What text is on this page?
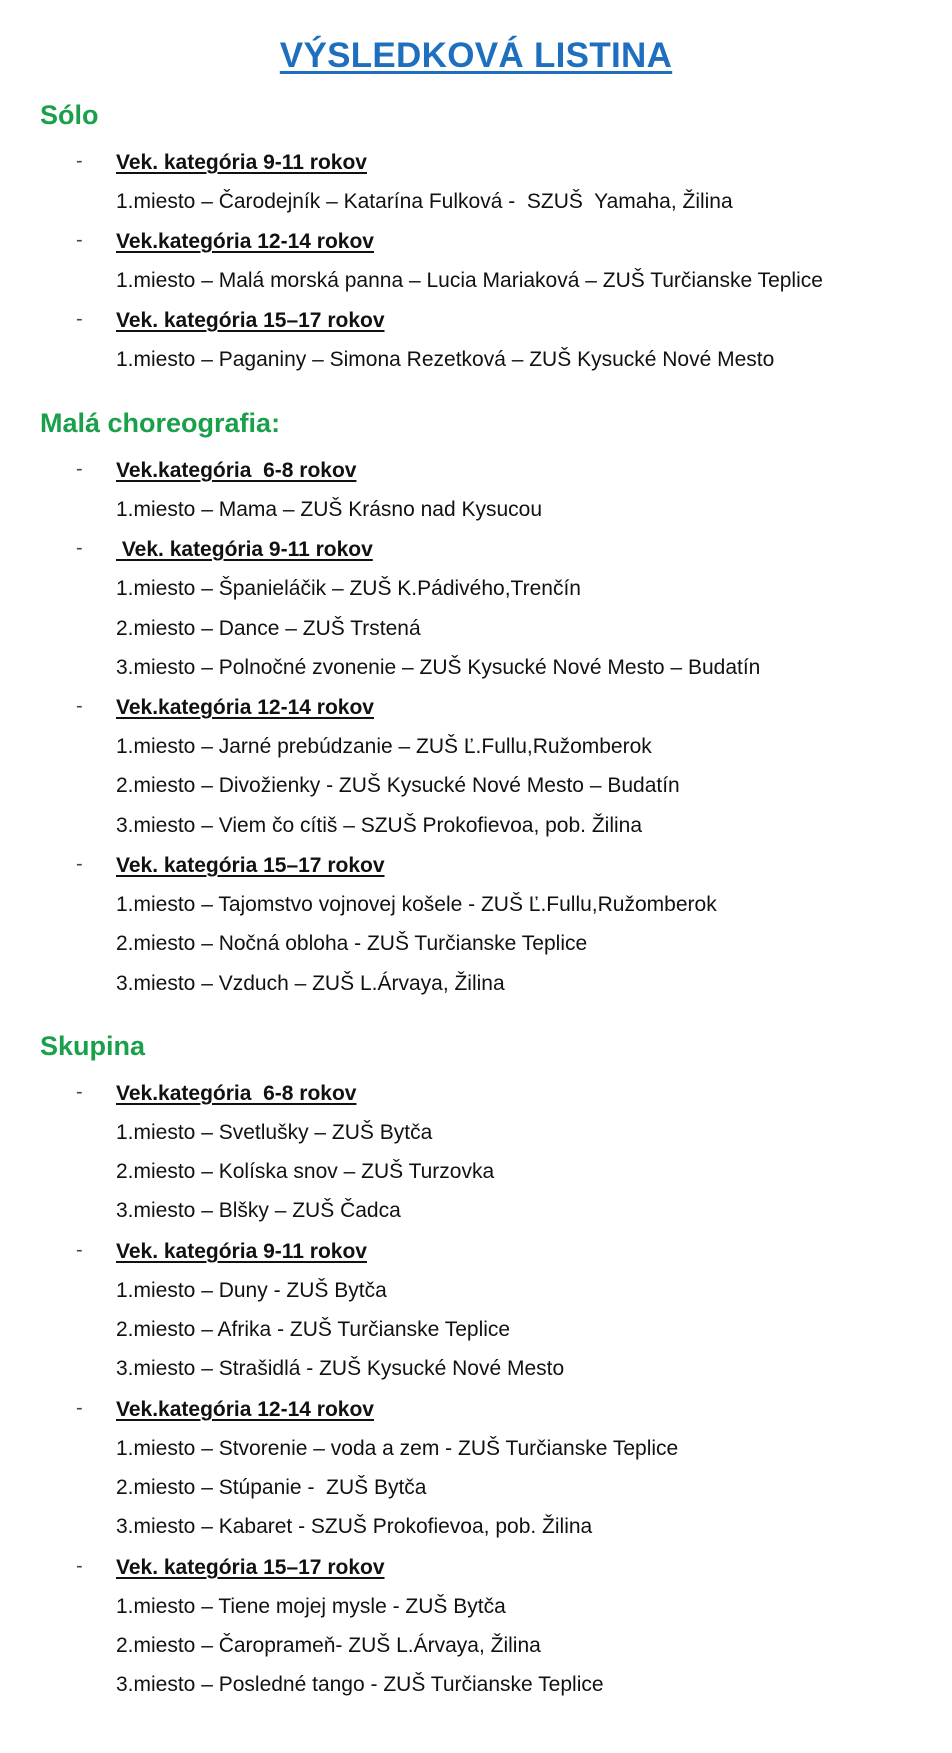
VÝSLEDKOVÁ LISTINA
Sólo
- Vek. kategória 9-11 rokov
1.miesto – Čarodejník – Katarína Fulková -  SZUŠ  Yamaha, Žilina
- Vek.kategória 12-14 rokov
1.miesto – Malá morská panna – Lucia Mariaková – ZUŠ Turčianske Teplice
- Vek. kategória 15–17 rokov
1.miesto – Paganiny – Simona Rezetková – ZUŠ Kysucké Nové Mesto
Malá choreografia:
- Vek.kategória  6-8 rokov
1.miesto – Mama – ZUŠ Krásno nad Kysucou
- Vek. kategória 9-11 rokov
1.miesto – Španieláčik – ZUŠ K.Pádivého,Trenčín
2.miesto – Dance – ZUŠ Trstená
3.miesto – Polnočné zvonenie – ZUŠ Kysucké Nové Mesto – Budatín
- Vek.kategória 12-14 rokov
1.miesto – Jarné prebúdzanie – ZUŠ Ľ.Fullu,Ružomberok
2.miesto – Divožienky - ZUŠ Kysucké Nové Mesto – Budatín
3.miesto – Viem čo cítiš – SZUŠ Prokofievoa, pob. Žilina
- Vek. kategória 15–17 rokov
1.miesto – Tajomstvo vojnovej košele - ZUŠ Ľ.Fullu,Ružomberok
2.miesto – Nočná obloha - ZUŠ Turčianske Teplice
3.miesto – Vzduch – ZUŠ L.Árvaya, Žilina
Skupina
- Vek.kategória  6-8 rokov
1.miesto – Svetlušky – ZUŠ Bytča
2.miesto – Kolíska snov – ZUŠ Turzovka
3.miesto – Blšky – ZUŠ Čadca
- Vek. kategória 9-11 rokov
1.miesto – Duny - ZUŠ Bytča
2.miesto – Afrika - ZUŠ Turčianske Teplice
3.miesto – Strašidlá - ZUŠ Kysucké Nové Mesto
- Vek.kategória 12-14 rokov
1.miesto – Stvorenie – voda a zem - ZUŠ Turčianske Teplice
2.miesto – Stúpanie -  ZUŠ Bytča
3.miesto – Kabaret - SZUŠ Prokofievoa, pob. Žilina
- Vek. kategória 15–17 rokov
1.miesto – Tiene mojej mysle - ZUŠ Bytča
2.miesto – Čaroprameň- ZUŠ L.Árvaya, Žilina
3.miesto – Posledné tango - ZUŠ Turčianske Teplice
